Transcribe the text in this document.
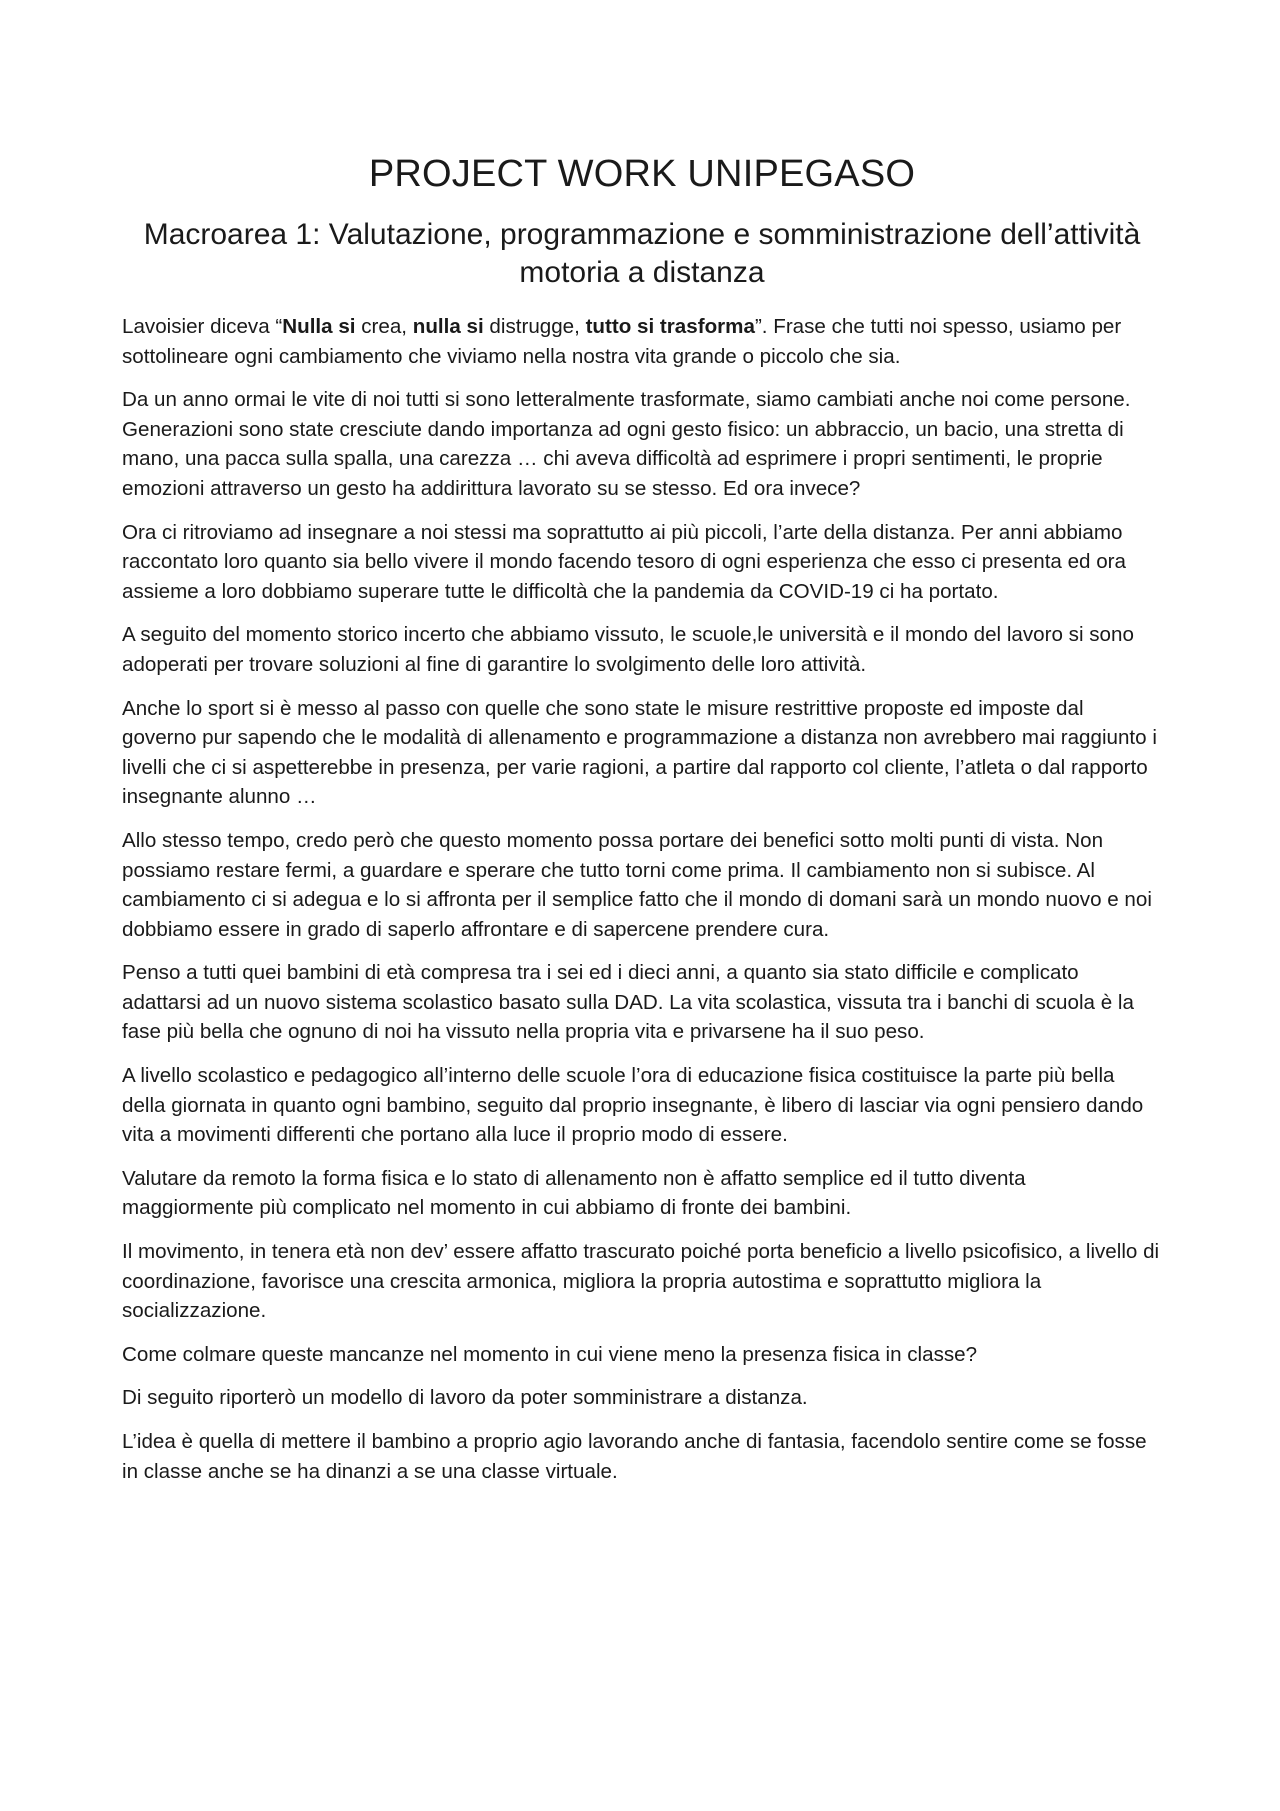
PROJECT WORK UNIPEGASO
Macroarea 1: Valutazione, programmazione e somministrazione dell’attività motoria a distanza

Lavoisier diceva “Nulla si crea, nulla si distrugge, tutto si trasforma”. Frase che tutti noi spesso, usiamo per sottolineare ogni cambiamento che viviamo nella nostra vita grande o piccolo che sia.

Da un anno ormai le vite di noi tutti si sono letteralmente trasformate, siamo cambiati anche noi come persone. Generazioni sono state cresciute dando importanza ad ogni gesto fisico: un abbraccio, un bacio, una stretta di mano, una pacca sulla spalla, una carezza … chi aveva difficoltà ad esprimere i propri sentimenti, le proprie emozioni attraverso un gesto ha addirittura lavorato su se stesso. Ed ora invece?

Ora ci ritroviamo ad insegnare a noi stessi ma soprattutto ai più piccoli, l’arte della distanza. Per anni abbiamo raccontato loro quanto sia bello vivere il mondo facendo tesoro di ogni esperienza che esso ci presenta ed ora assieme a loro dobbiamo superare tutte le difficoltà che la pandemia da COVID-19 ci ha portato.

A seguito del momento storico incerto che abbiamo vissuto, le scuole,le università e il mondo del lavoro si sono adoperati per trovare soluzioni al fine di garantire lo svolgimento delle loro attività.

Anche lo sport si è messo al passo con quelle che sono state le misure restrittive proposte ed imposte dal governo pur sapendo che le modalità di allenamento e programmazione a distanza non avrebbero mai raggiunto i livelli che ci si aspetterebbe in presenza, per varie ragioni, a partire dal rapporto col cliente, l’atleta o dal rapporto insegnante alunno …

Allo stesso tempo, credo però che questo momento possa portare dei benefici sotto molti punti di vista. Non possiamo restare fermi, a guardare e sperare che tutto torni come prima. Il cambiamento non si subisce. Al cambiamento ci si adegua e lo si affronta per il semplice fatto che il mondo di domani sarà un mondo nuovo e noi dobbiamo essere in grado di saperlo affrontare e di sapercene prendere cura.

Penso a tutti quei bambini di età compresa tra i sei ed i dieci anni, a quanto sia stato difficile e complicato adattarsi ad un nuovo sistema scolastico basato sulla DAD. La vita scolastica, vissuta tra i banchi di scuola è la fase più bella che ognuno di noi ha vissuto nella propria vita e privarsene ha il suo peso.

A livello scolastico e pedagogico all’interno delle scuole l’ora di educazione fisica costituisce la parte più bella della giornata in quanto ogni bambino, seguito dal proprio insegnante, è libero di lasciar via ogni pensiero dando vita a movimenti differenti che portano alla luce il proprio modo di essere.

Valutare da remoto la forma fisica e lo stato di allenamento non è affatto semplice ed il tutto diventa maggiormente più complicato nel momento in cui abbiamo di fronte dei bambini.

Il movimento, in tenera età non dev’ essere affatto trascurato poiché porta beneficio a livello psicofisico, a livello di coordinazione, favorisce una crescita armonica, migliora la propria autostima e soprattutto migliora la socializzazione.

Come colmare queste mancanze nel momento in cui viene meno la presenza fisica in classe?

Di seguito riporterò un modello di lavoro da poter somministrare a distanza.

L’idea è quella di mettere il bambino a proprio agio lavorando anche di fantasia, facendolo sentire come se fosse in classe anche se ha dinanzi a se una classe virtuale.
